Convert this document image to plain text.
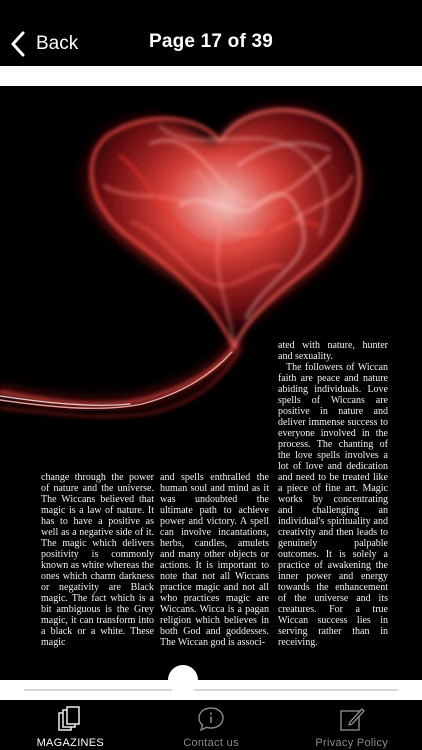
Back	Page 17 of 39

change through the power of nature and the universe. The Wiccans believed that magic is a law of nature. It has to have a positive as well as a negative side of it. The magic which delivers positivity is commonly known as white whereas the ones which charm darkness or negativity are Black magic. The fact which is a bit ambiguous is the Grey magic, it can transform into a black or a white. These magic

and spells enthralled the human soul and mind as it was undoubted the ultimate path to achieve power and victory. A spell can involve incantations, herbs, candles, amulets and many other objects or actions. It is important to note that not all Wiccans practice magic and not all who practices magic are Wiccans. Wicca is a pagan religion which believes in both God and goddesses. The Wiccan god is associ-

ated with nature, hunter and sexuality.

The followers of Wiccan faith are peace and nature abiding individuals. Love spells of Wiccans are positive in nature and deliver immense success to everyone involved in the process. The chanting of the love spells involves a lot of love and dedication and need to be treated like a piece of fine art. Magic works by concentrating and challenging an individual's spirituality and creativity and then leads to genuinely palpable outcomes. It is solely a practice of awakening the inner power and energy towards the enhancement of the universe and its creatures. For a true Wiccan success lies in serving rather than in receiving.

MAGAZINES	Contact us	Privacy Policy
